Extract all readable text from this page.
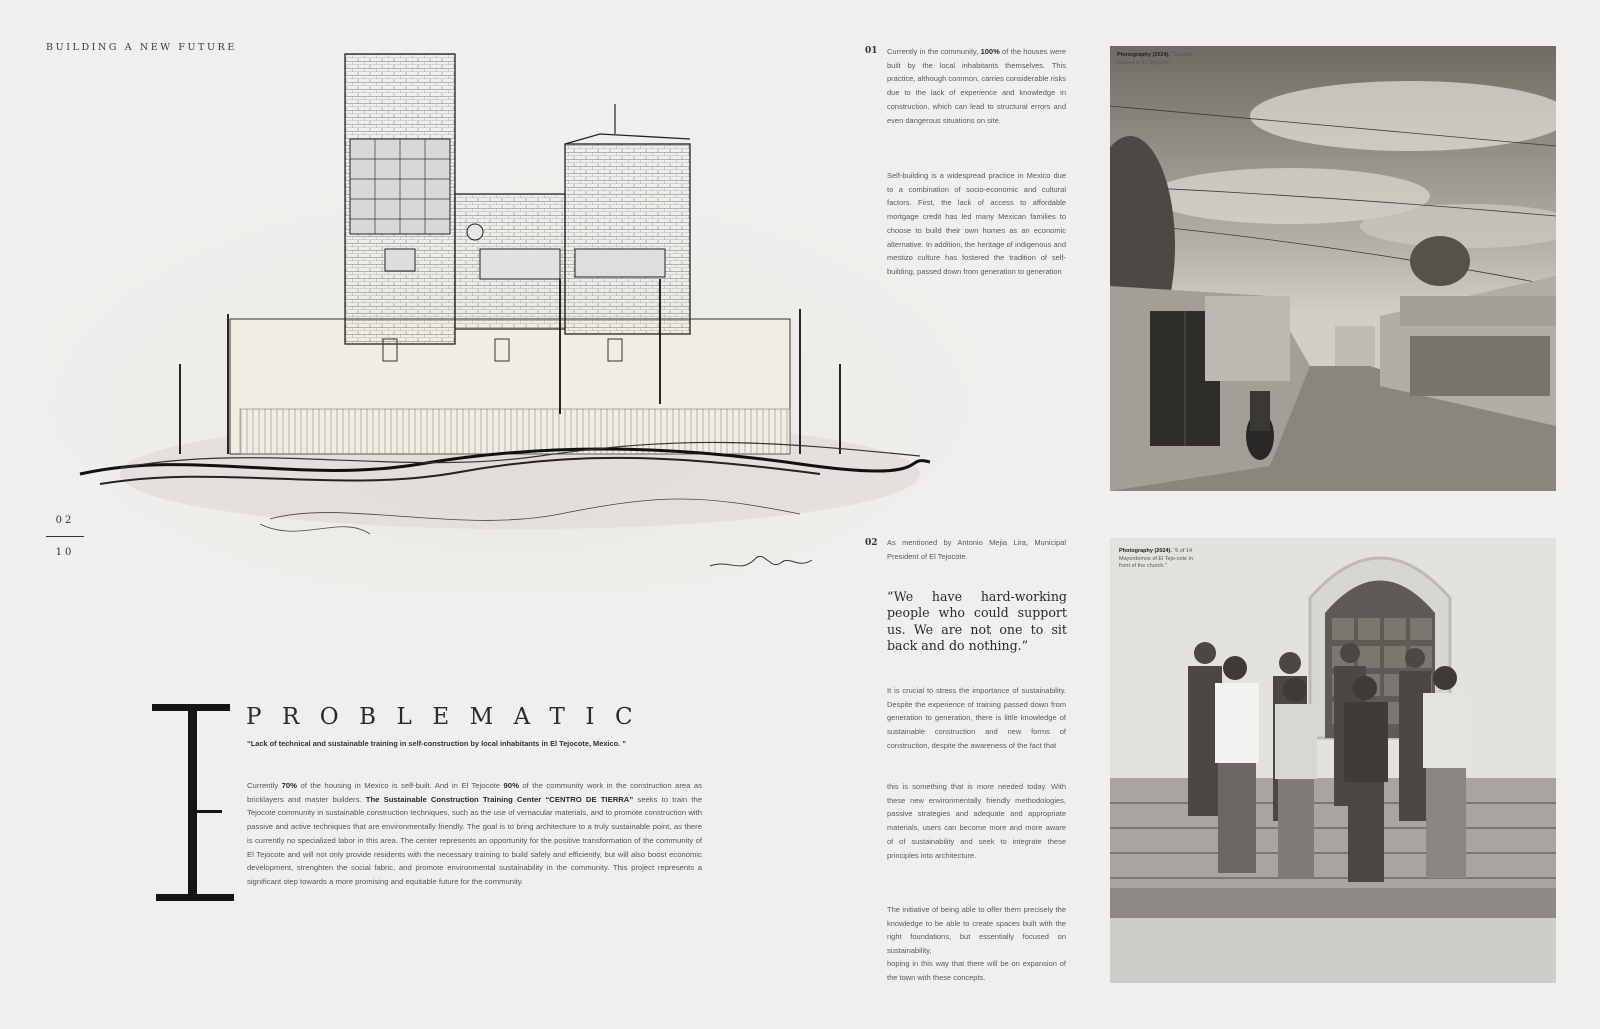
BUILDING A NEW FUTURE
02
10
PROBLEMATIC
“Lack of technical and sustainable training in self-construction by local inhabitants in El Tejocote, Mexico. ”
Currently 70% of the housing in Mexico is self-built. And in El Tejocote 90% of the community work in the construction area as bricklayers and master builders. The Sustainable Construction Training Center “CENTRO DE TIERRA” seeks to train the Tejocote community in sustainable construction techniques, such as the use of vernacular materials, and to promote construction with passive and active techniques that are environmentally friendly. The goal is to bring architecture to a truly sustainable point, as there is currently no specialized labor in this area. The center represents an opportunity for the positive transformation of the community of El Tejocote and will not only provide residents with the necessary training to build safely and efficiently, but will also boost economic development, strenghten the social fabric, and promote environmental sustainability in the community. This project represents a significant step towards a more promising and equitable future for the community.
01 Currently in the community, 100% of the houses were built by the local inhabitants themselves. This practice, although common, carries considerable risks due to the lack of experience and knowledge in construction, which can lead to structural errors and even dangerous situations on site.
Self-building is a widespread practice in Mexico due to a combination of socio-economic and cultural factors. First, the lack of access to affordable mortgage credit has led many Mexican families to choose to build their own homes as an economic alternative. In addition, the heritage of indigenous and mestizo culture has fostered the tradition of self-building, passed down from generation to generation
02 As mentioned by Antonio Mejia Lira, Municipal President of El Tejocote.
“We have hard-working people who could support us. We are not one to sit back and do nothing.”
It is crucial to stress the importance of sustainability. Despite the experience of training passed down from generation to generation, there is little knowledge of sustainable construction and new forms of construction, despite the awareness of the fact that
this is something that is more needed today. With these new environmentally friendly methodologies, passive strategies and adequate and appropriate materials, users can become more and more aware of of sustainability and seek to integrate these principles into architecture.
The initiative of being able to offer them precisely the knowledge to be able to create spaces built with the right foundations, but essentially focused on sustainability,
hoping in this way that there will be on expansion of the town with these concepts.
Photography (2024). “Current houses in El Tejocote”
Photography (2024). “6 of 14 Mayordomos of El Tejo-cote in front of the church.”
